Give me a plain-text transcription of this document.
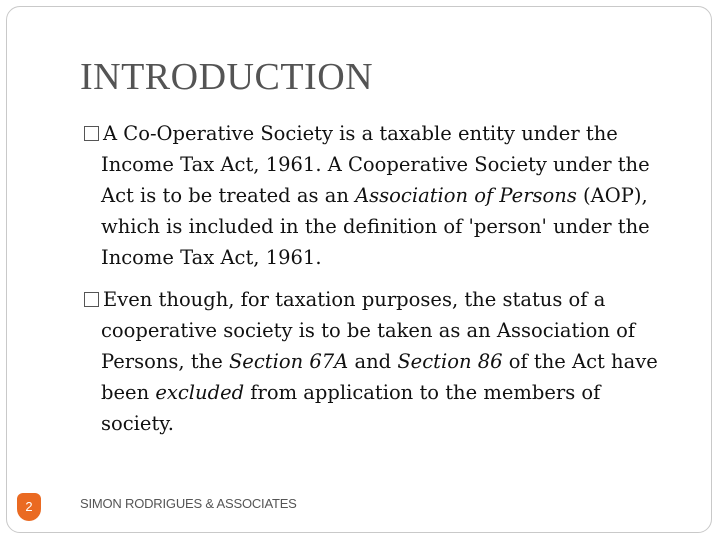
INTRODUCTION

A Co-Operative Society is a taxable entity under the

Income Tax Act, 1961. A Cooperative Society under the

Act is to be treated as an Association of Persons (AOP),

which is included in the definition of 'person' under the

Income Tax Act, 1961.

Even though, for taxation purposes, the status of a

cooperative society is to be taken as an Association of

Persons, the Section 67A and Section 86 of the Act have

been excluded from application to the members of

society.

2	SIMON RODRIGUES & ASSOCIATES
